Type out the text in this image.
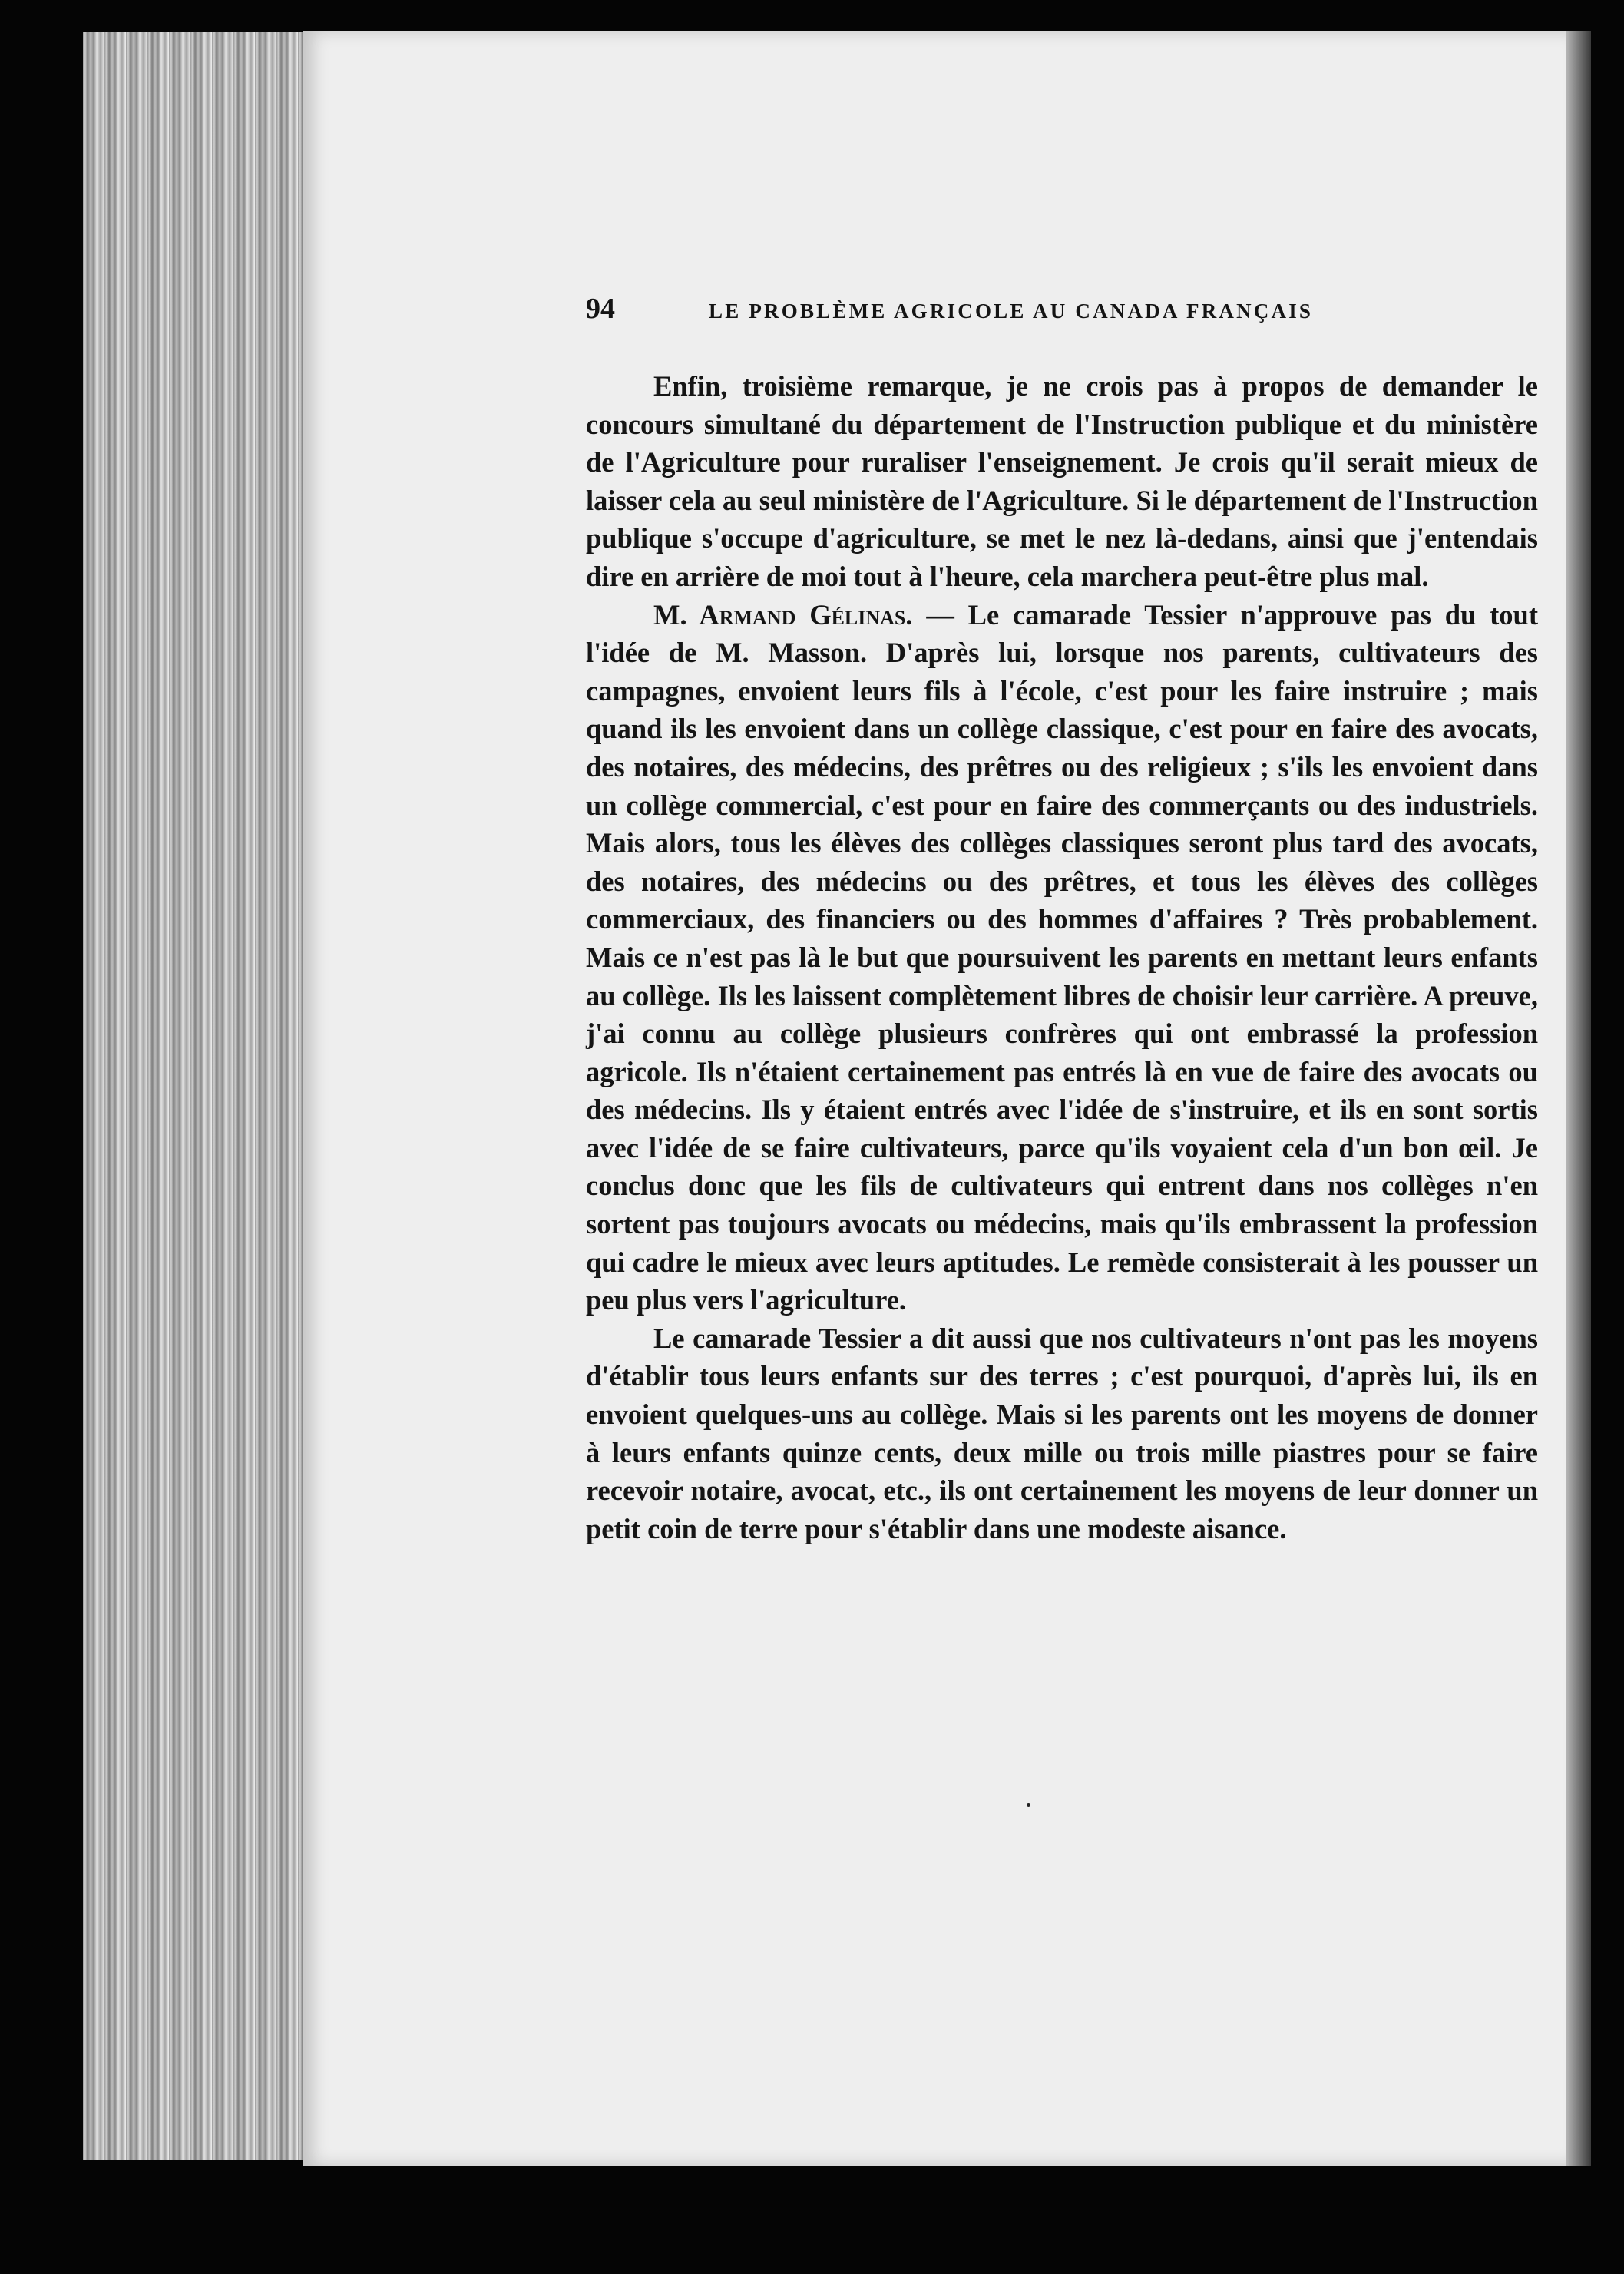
94	LE PROBLÈME AGRICOLE AU CANADA FRANÇAIS

Enfin, troisième remarque, je ne crois pas à propos de demander le concours simultané du département de l'Instruction publique et du ministère de l'Agriculture pour ruraliser l'enseignement. Je crois qu'il serait mieux de laisser cela au seul ministère de l'Agriculture. Si le département de l'Instruction publique s'occupe d'agriculture, se met le nez là-dedans, ainsi que j'entendais dire en arrière de moi tout à l'heure, cela marchera peut-être plus mal.

M. Armand Gélinas. — Le camarade Tessier n'approuve pas du tout l'idée de M. Masson. D'après lui, lorsque nos parents, cultivateurs des campagnes, envoient leurs fils à l'école, c'est pour les faire instruire ; mais quand ils les envoient dans un collège classique, c'est pour en faire des avocats, des notaires, des médecins, des prêtres ou des religieux ; s'ils les envoient dans un collège commercial, c'est pour en faire des commerçants ou des industriels. Mais alors, tous les élèves des collèges classiques seront plus tard des avocats, des notaires, des médecins ou des prêtres, et tous les élèves des collèges commerciaux, des financiers ou des hommes d'affaires ? Très probablement. Mais ce n'est pas là le but que poursuivent les parents en mettant leurs enfants au collège. Ils les laissent complètement libres de choisir leur carrière. A preuve, j'ai connu au collège plusieurs confrères qui ont embrassé la profession agricole. Ils n'étaient certainement pas entrés là en vue de faire des avocats ou des médecins. Ils y étaient entrés avec l'idée de s'instruire, et ils en sont sortis avec l'idée de se faire cultivateurs, parce qu'ils voyaient cela d'un bon œil. Je conclus donc que les fils de cultivateurs qui entrent dans nos collèges n'en sortent pas toujours avocats ou médecins, mais qu'ils embrassent la profession qui cadre le mieux avec leurs aptitudes. Le remède consisterait à les pousser un peu plus vers l'agriculture.

Le camarade Tessier a dit aussi que nos cultivateurs n'ont pas les moyens d'établir tous leurs enfants sur des terres ; c'est pourquoi, d'après lui, ils en envoient quelques-uns au collège. Mais si les parents ont les moyens de donner à leurs enfants quinze cents, deux mille ou trois mille piastres pour se faire recevoir notaire, avocat, etc., ils ont certainement les moyens de leur donner un petit coin de terre pour s'établir dans une modeste aisance.
